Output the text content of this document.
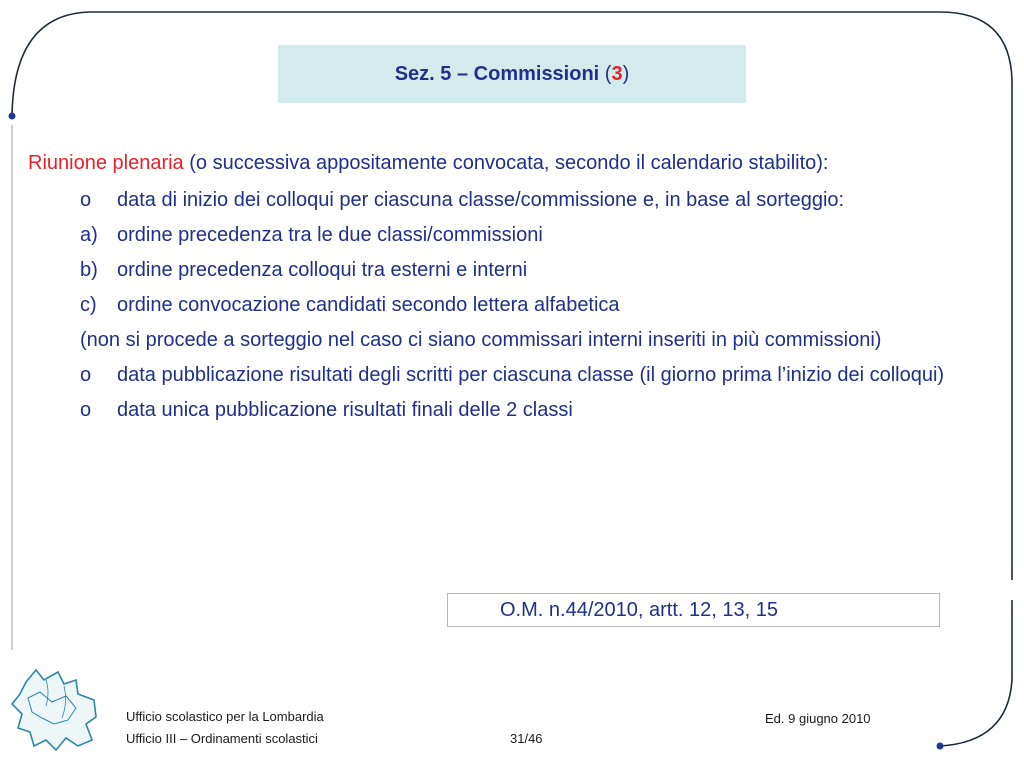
Sez. 5 – Commissioni
( 3 )
Riunione plenaria (o successiva appositamente convocata, secondo il calendario stabilito):
o data di inizio dei colloqui per ciascuna classe/commissione e, in base al sorteggio:
a) ordine precedenza tra le due classi/commissioni
b) ordine precedenza colloqui tra esterni e interni
c) ordine convocazione candidati secondo lettera alfabetica
(non si procede a sorteggio nel caso ci siano commissari interni inseriti in più commissioni)
o data pubblicazione risultati degli scritti per ciascuna classe (il giorno prima l’inizio dei colloqui)
o data unica pubblicazione risultati finali delle 2 classi
O.M. n.44/2010, artt. 12, 13, 15
Ufficio scolastico per la Lombardia
Ufficio III – Ordinamenti scolastici	31/46
Ed. 9 giugno 2010
